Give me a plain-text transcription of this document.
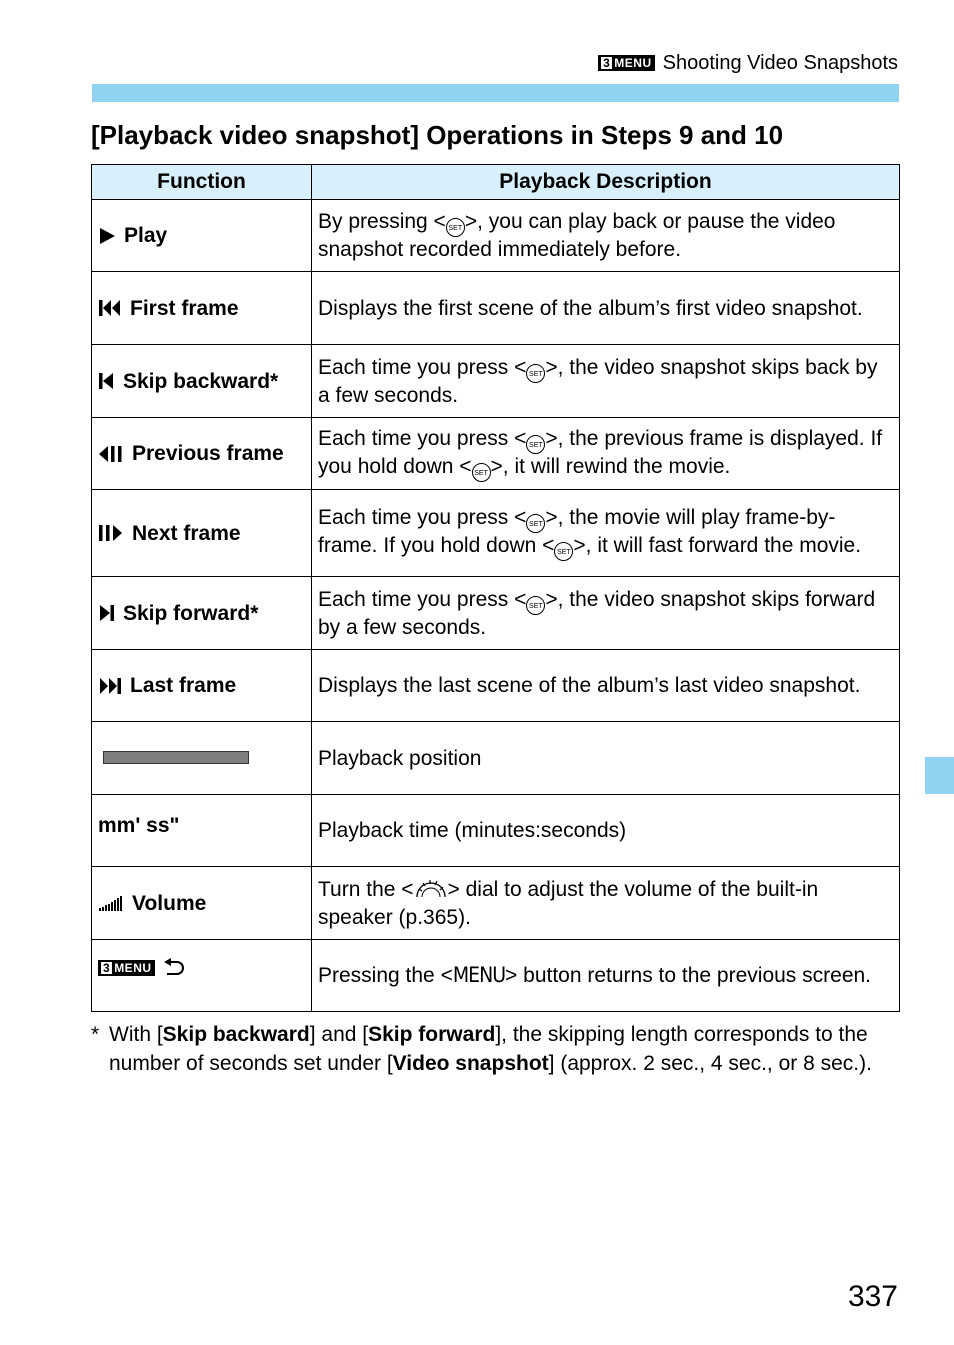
3 MENU Shooting Video Snapshots
[Playback video snapshot] Operations in Steps 9 and 10
Function	Playback Description

Play	By pressing < SET >, you can play back or pause the video snapshot recorded immediately before.

First frame	Displays the first scene of the album’s first video snapshot.

Skip backward*	Each time you press < SET >, the video snapshot skips back by a few seconds.

Previous frame	Each time you press < SET >, the previous frame is displayed. If you hold down < SET >, it will rewind the movie.

Next frame	Each time you press < SET >, the movie will play frame-by-frame. If you hold down < SET >, it will fast forward the movie.

Skip forward*	Each time you press < SET >, the video snapshot skips forward by a few seconds.

Last frame	Displays the last scene of the album’s last video snapshot.
	Playback position
mm' ss"	Playback time (minutes:seconds)

Volume	Turn the < > dial to adjust the volume of the built-in speaker (p.365).

3 MENU	Pressing the <MENU> button returns to the previous screen.
* With [Skip backward] and [Skip forward], the skipping length corresponds to the number of seconds set under [Video snapshot] (approx. 2 sec., 4 sec., or 8 sec.).
337
